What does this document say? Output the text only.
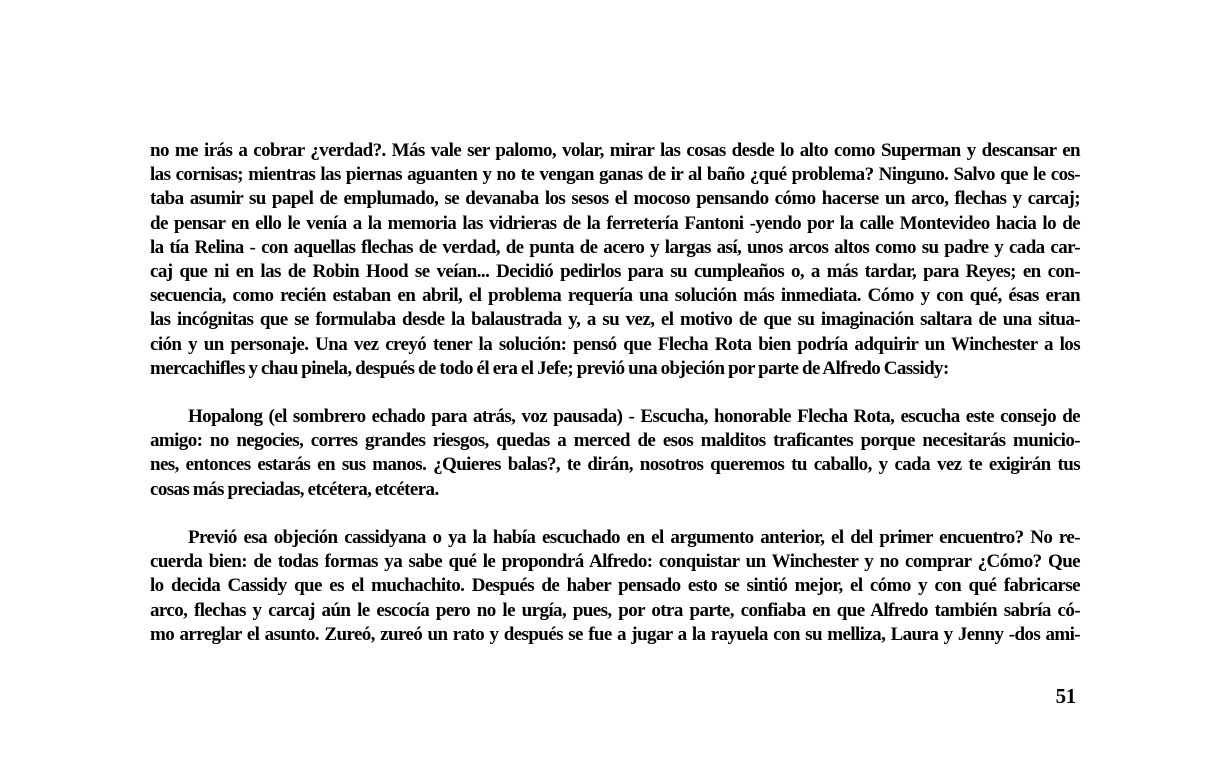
no me irás a cobrar ¿verdad?. Más vale ser palomo, volar, mirar las cosas desde lo alto como Superman y descansar en
las cornisas; mientras las piernas aguanten y no te vengan ganas de ir al baño ¿qué problema? Ninguno. Salvo que le cos-
taba asumir su papel de emplumado, se devanaba los sesos el mocoso pensando cómo hacerse un arco, flechas y carcaj;
de pensar en ello le venía a la memoria las vidrieras de la ferretería Fantoni -yendo por la calle Montevideo hacia lo de
la tía Relina - con aquellas flechas de verdad, de punta de acero y largas así, unos arcos altos como su padre y cada car-
caj que ni en las de Robin Hood se veían... Decidió pedirlos para su cumpleaños o, a más tardar, para Reyes; en con-
secuencia, como recién estaban en abril, el problema requería una solución más inmediata. Cómo y con qué, ésas eran
las incógnitas que se formulaba desde la balaustrada y, a su vez, el motivo de que su imaginación saltara de una situa-
ción y un personaje. Una vez creyó tener la solución: pensó que Flecha Rota bien podría adquirir un Winchester a los
mercachifles y chau pinela, después de todo él era el Jefe; previó una objeción por parte de Alfredo Cassidy:
Hopalong (el sombrero echado para atrás, voz pausada) - Escucha, honorable Flecha Rota, escucha este consejo de
amigo: no negocies, corres grandes riesgos, quedas a merced de esos malditos traficantes porque necesitarás municio-
nes, entonces estarás en sus manos. ¿Quieres balas?, te dirán, nosotros queremos tu caballo, y cada vez te exigirán tus
cosas más preciadas, etcétera, etcétera.
Previó esa objeción cassidyana o ya la había escuchado en el argumento anterior, el del primer encuentro? No re-
cuerda bien: de todas formas ya sabe qué le propondrá Alfredo: conquistar un Winchester y no comprar ¿Cómo? Que
lo decida Cassidy que es el muchachito. Después de haber pensado esto se sintió mejor, el cómo y con qué fabricarse
arco, flechas y carcaj aún le escocía pero no le urgía, pues, por otra parte, confiaba en que Alfredo también sabría có-
mo arreglar el asunto. Zureó, zureó un rato y después se fue a jugar a la rayuela con su melliza, Laura y Jenny -dos ami-
51
